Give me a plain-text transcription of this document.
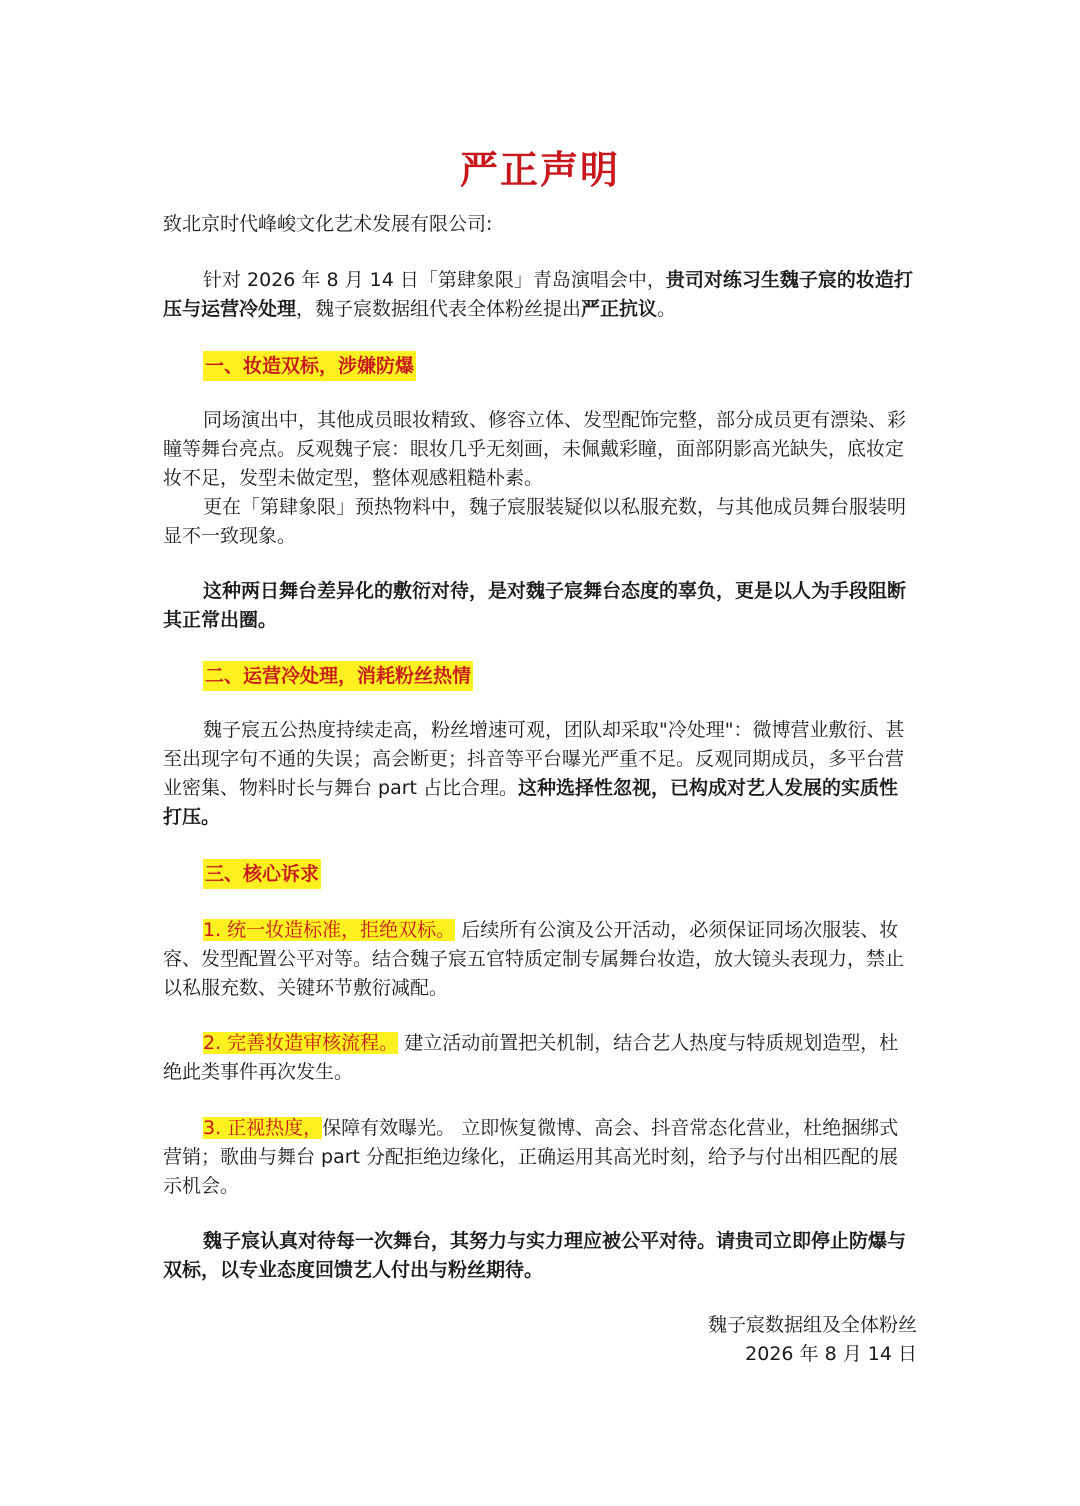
严正声明

致北京时代峰峻文化艺术发展有限公司:

针对 2026 年 8 月 14 日「第肆象限」青岛演唱会中，贵司对练习生魏子宸的妆造打压与运营冷处理，魏子宸数据组代表全体粉丝提出严正抗议。

一、妆造双标，涉嫌防爆

同场演出中，其他成员眼妆精致、修容立体、发型配饰完整，部分成员更有漂染、彩瞳等舞台亮点。反观魏子宸：眼妆几乎无刻画，未佩戴彩瞳，面部阴影高光缺失，底妆定妆不足，发型未做定型，整体观感粗糙朴素。

更在「第肆象限」预热物料中，魏子宸服装疑似以私服充数，与其他成员舞台服装明显不一致现象。

这种两日舞台差异化的敷衍对待，是对魏子宸舞台态度的辜负，更是以人为手段阻断其正常出圈。

二、运营冷处理，消耗粉丝热情

魏子宸五公热度持续走高，粉丝增速可观，团队却采取"冷处理"：微博营业敷衍、甚至出现字句不通的失误；高会断更；抖音等平台曝光严重不足。反观同期成员，多平台营业密集、物料时长与舞台 part 占比合理。这种选择性忽视，已构成对艺人发展的实质性打压。

三、核心诉求

1. 统一妆造标准，拒绝双标。 后续所有公演及公开活动，必须保证同场次服装、妆容、发型配置公平对等。结合魏子宸五官特质定制专属舞台妆造，放大镜头表现力，禁止以私服充数、关键环节敷衍减配。

2. 完善妆造审核流程。 建立活动前置把关机制，结合艺人热度与特质规划造型，杜绝此类事件再次发生。

3. 正视热度，保障有效曝光。 立即恢复微博、高会、抖音常态化营业，杜绝捆绑式营销；歌曲与舞台 part 分配拒绝边缘化，正确运用其高光时刻，给予与付出相匹配的展示机会。

魏子宸认真对待每一次舞台，其努力与实力理应被公平对待。请贵司立即停止防爆与双标，以专业态度回馈艺人付出与粉丝期待。

魏子宸数据组及全体粉丝
2026 年 8 月 14 日
